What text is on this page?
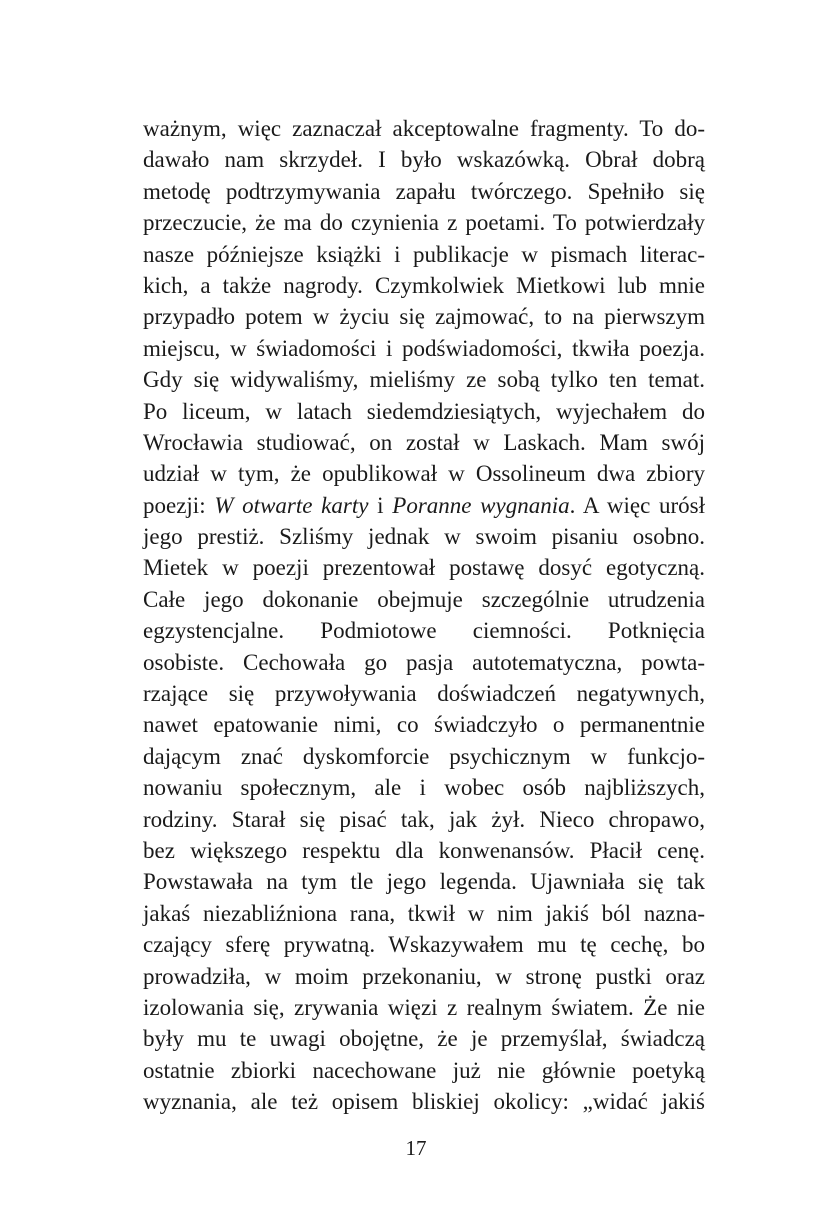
ważnym, więc zaznaczał akceptowalne fragmenty. To do-
dawało nam skrzydeł. I było wskazówką. Obrał dobrą
metodę podtrzymywania zapału twórczego. Spełniło się
przeczucie, że ma do czynienia z poetami. To potwierdzały
nasze późniejsze książki i publikacje w pismach literac-
kich, a także nagrody. Czymkolwiek Mietkowi lub mnie
przypadło potem w życiu się zajmować, to na pierwszym
miejscu, w świadomości i podświadomości, tkwiła poezja.
Gdy się widywaliśmy, mieliśmy ze sobą tylko ten temat.
Po liceum, w latach siedemdziesiątych, wyjechałem do
Wrocławia studiować, on został w Laskach. Mam swój
udział w tym, że opublikował w Ossolineum dwa zbiory
poezji: W otwarte karty i Poranne wygnania. A więc urósł
jego prestiż. Szliśmy jednak w swoim pisaniu osobno.
Mietek w poezji prezentował postawę dosyć egotyczną.
Całe jego dokonanie obejmuje szczególnie utrudzenia
egzystencjalne. Podmiotowe ciemności. Potknięcia
osobiste. Cechowała go pasja autotematyczna, powta-
rzające się przywoływania doświadczeń negatywnych,
nawet epatowanie nimi, co świadczyło o permanentnie
dającym znać dyskomforcie psychicznym w funkcjo-
nowaniu społecznym, ale i wobec osób najbliższych,
rodziny. Starał się pisać tak, jak żył. Nieco chropawo,
bez większego respektu dla konwenansów. Płacił cenę.
Powstawała na tym tle jego legenda. Ujawniała się tak
jakaś niezabliźniona rana, tkwił w nim jakiś ból nazna-
czający sferę prywatną. Wskazywałem mu tę cechę, bo
prowadziła, w moim przekonaniu, w stronę pustki oraz
izolowania się, zrywania więzi z realnym światem. Że nie
były mu te uwagi obojętne, że je przemyślał, świadczą
ostatnie zbiorki nacechowane już nie głównie poetyką
wyznania, ale też opisem bliskiej okolicy: „widać jakiś
17
